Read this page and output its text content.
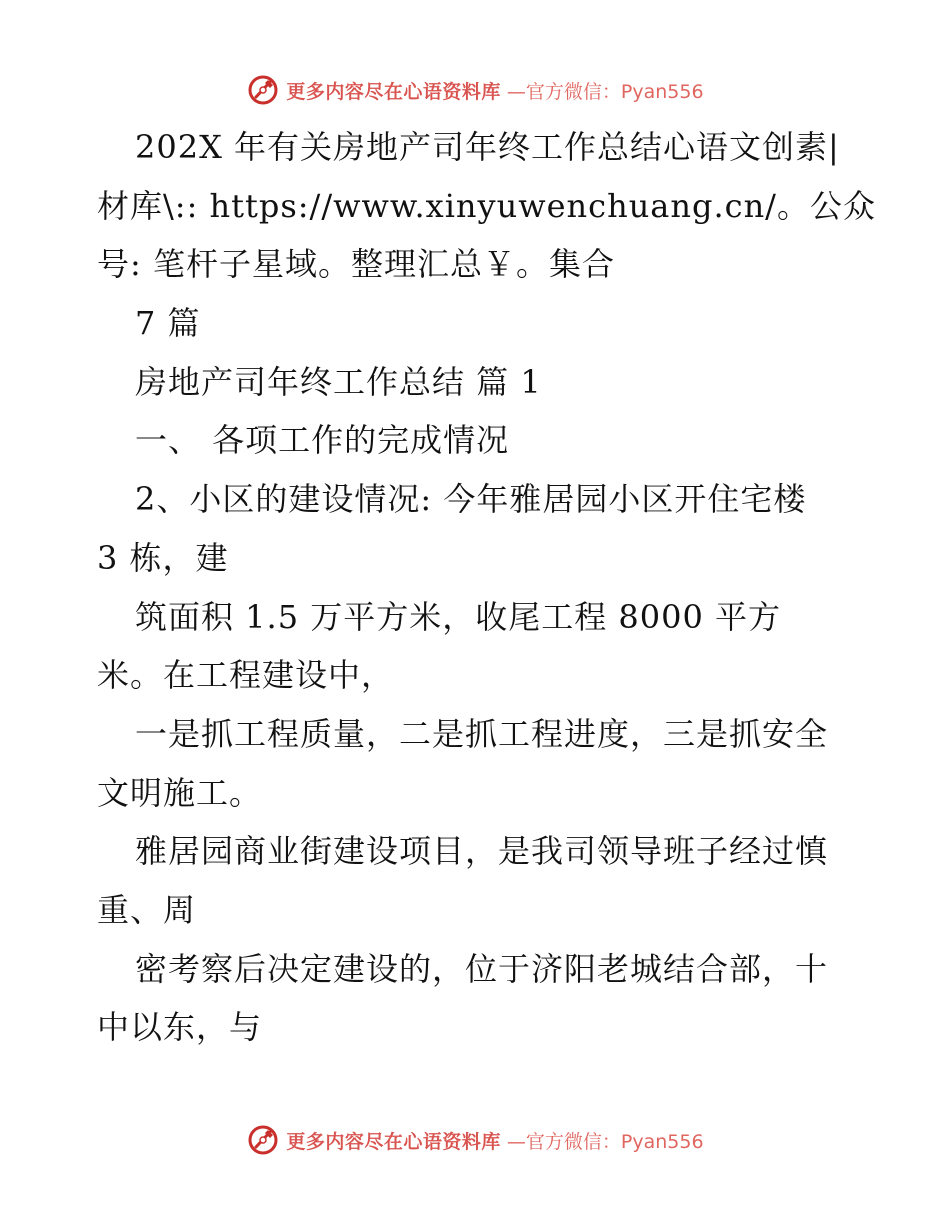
更多内容尽在心语资料库 —官方微信：Pyan556
202X 年有关房地产司年终工作总结心语文创素|
材库\:: https://www.xinyuwenchuang.cn/。公众
号: 笔杆子星域。整理汇总￥。集合
7 篇
房地产司年终工作总结 篇 1
一、 各项工作的完成情况
2、小区的建设情况: 今年雅居园小区开住宅楼
3 栋，建
筑面积 1.5 万平方米，收尾工程 8000 平方
米。在工程建设中，
一是抓工程质量，二是抓工程进度，三是抓安全
文明施工。
雅居园商业街建设项目，是我司领导班子经过慎
重、周
密考察后决定建设的，位于济阳老城结合部，十
中以东，与
更多内容尽在心语资料库 —官方微信：Pyan556
